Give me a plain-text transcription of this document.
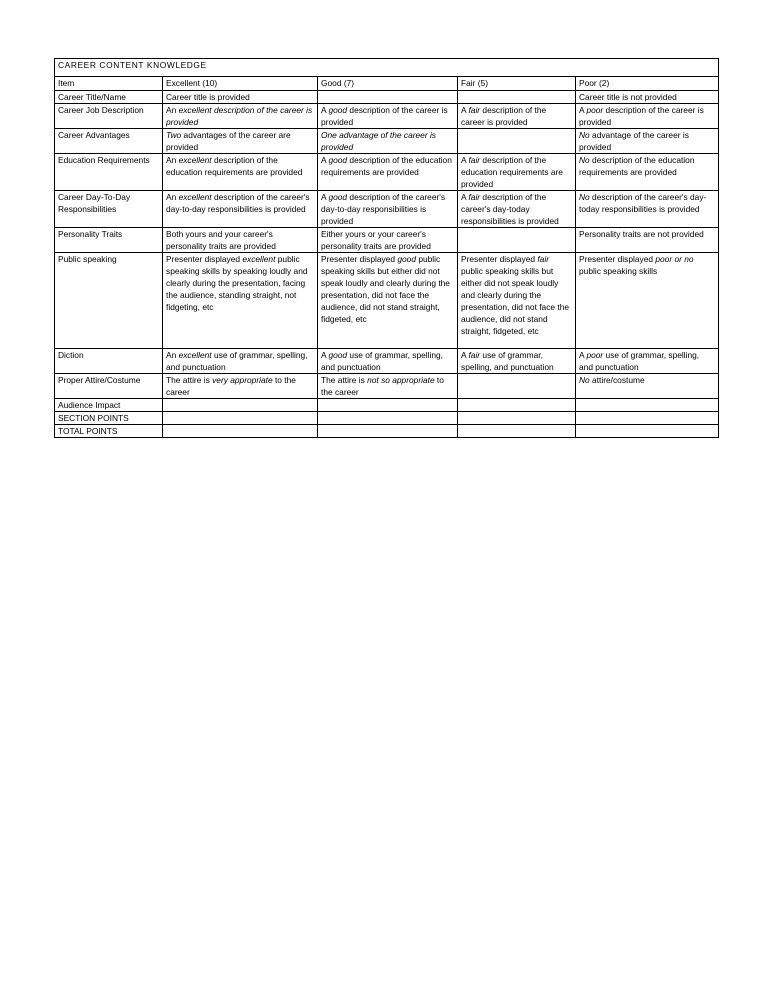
CAREER CONTENT KNOWLEDGE				
Item	Excellent (10)	Good (7)	Fair (5)	Poor (2)
Career Title/Name	Career title is provided			Career title is not provided
Career Job Description	An excellent description of the career is provided	A good description of the career is provided	A fair description of the career is provided	A poor description of the career is provided
Career Advantages	Two advantages of the career are provided	One advantage of the career is provided		No advantage of the career is provided
Education Requirements	An excellent description of the education requirements are provided	A good description of the education requirements are provided	A fair description of the education requirements are provided	No description of the education requirements are provided
Career Day-To-Day Responsibilities	An excellent description of the career's day-to-day responsibilities is provided	A good description of the career's day-to-day responsibilities is provided	A fair description of the career's day-today responsibilities is provided	No description of the career's day-today responsibilities is provided
Personality Traits	Both yours and your career's personality traits are provided	Either yours or your career's personality traits are provided		Personality traits are not provided
Public speaking	Presenter displayed excellent public speaking skills by speaking loudly and clearly during the presentation, facing the audience, standing straight, not fidgeting, etc	Presenter displayed good public speaking skills but either did not speak loudly and clearly during the presentation, did not face the audience, did not stand straight, fidgeted, etc	Presenter displayed fair public speaking skills but either did not speak loudly and clearly during the presentation, did not face the audience, did not stand straight, fidgeted, etc	Presenter displayed poor or no public speaking skills
Diction	An excellent use of grammar, spelling, and punctuation	A good use of grammar, spelling, and punctuation	A fair use of grammar, spelling, and punctuation	A poor use of grammar, spelling, and punctuation
Proper Attire/Costume	The attire is very appropriate to the career	The attire is not so appropriate to the career		No attire/costume
Audience Impact				
SECTION POINTS				
TOTAL POINTS				
